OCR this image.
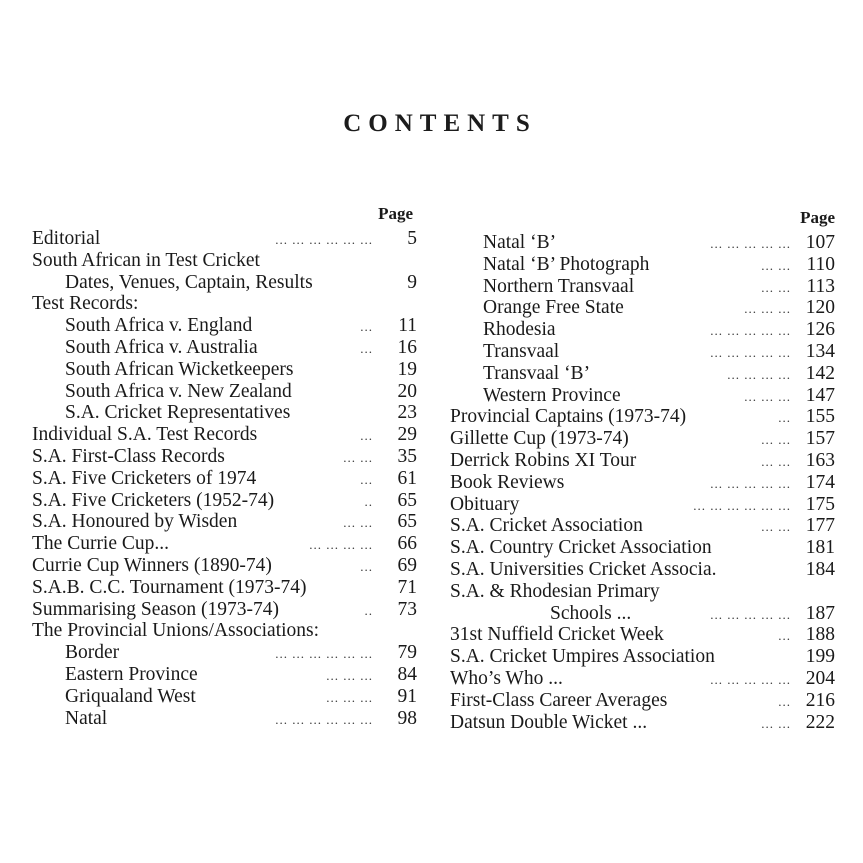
CONTENTS
Page
Editorial	... ... ... ... ... ...	5
South African in Test Cricket
Dates, Venues, Captain, Results	9
Test Records:
South Africa v. England	...	11
South Africa v. Australia	...	16
South African Wicketkeepers	19
South Africa v. New Zealand	20
S.A. Cricket Representatives	23
Individual S.A. Test Records	...	29
S.A. First-Class Records	... ...	35
S.A. Five Cricketers of 1974	...	61
S.A. Five Cricketers (1952-74)	..	65
S.A. Honoured by Wisden	... ...	65
The Currie Cup...	... ... ... ...	66
Currie Cup Winners (1890-74)	...	69
S.A.B. C.C. Tournament (1973-74)	71
Summarising Season (1973-74)	..	73
The Provincial Unions/Associations:
Border	... ... ... ... ... ...	79
Eastern Province	... ... ...	84
Griqualand West	... ... ...	91
Natal	... ... ... ... ... ...	98
Page
Natal ‘B’	... ... ... ... ... 107
Natal ‘B’ Photograph	... ... 110
Northern Transvaal	... ... 113
Orange Free State	... ... ... 120
Rhodesia	... ... ... ... ... 126
Transvaal	... ... ... ... ... 134
Transvaal ‘B’	... ... ... ... 142
Western Province	... ... ... 147
Provincial Captains (1973-74)	... 155
Gillette Cup (1973-74)	... ... 157
Derrick Robins XI Tour	... ... 163
Book Reviews	... ... ... ... ... 174
Obituary	... ... ... ... ... ... 175
S.A. Cricket Association	... ... 177
S.A. Country Cricket Association	181
S.A. Universities Cricket Associa.	184
S.A. & Rhodesian Primary
Schools ...	... ... ... ... ... 187
31st Nuffield Cricket Week	... 188
S.A. Cricket Umpires Association	199
Who’s Who ...	... ... ... ... ... 204
First-Class Career Averages	... 216
Datsun Double Wicket ...	... ... 222
